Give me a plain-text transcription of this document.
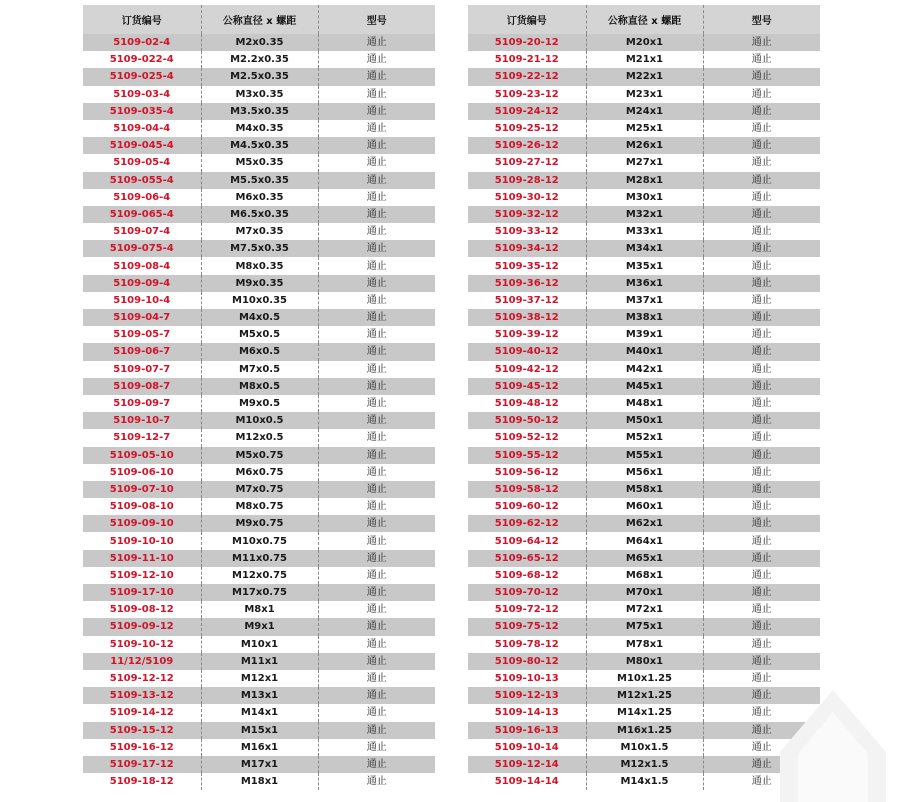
订货编号	公称直径 x 螺距	型号
5109-02-4	M2x0.35	通止
5109-022-4	M2.2x0.35	通止
5109-025-4	M2.5x0.35	通止
5109-03-4	M3x0.35	通止
5109-035-4	M3.5x0.35	通止
5109-04-4	M4x0.35	通止
5109-045-4	M4.5x0.35	通止
5109-05-4	M5x0.35	通止
5109-055-4	M5.5x0.35	通止
5109-06-4	M6x0.35	通止
5109-065-4	M6.5x0.35	通止
5109-07-4	M7x0.35	通止
5109-075-4	M7.5x0.35	通止
5109-08-4	M8x0.35	通止
5109-09-4	M9x0.35	通止
5109-10-4	M10x0.35	通止
5109-04-7	M4x0.5	通止
5109-05-7	M5x0.5	通止
5109-06-7	M6x0.5	通止
5109-07-7	M7x0.5	通止
5109-08-7	M8x0.5	通止
5109-09-7	M9x0.5	通止
5109-10-7	M10x0.5	通止
5109-12-7	M12x0.5	通止
5109-05-10	M5x0.75	通止
5109-06-10	M6x0.75	通止
5109-07-10	M7x0.75	通止
5109-08-10	M8x0.75	通止
5109-09-10	M9x0.75	通止
5109-10-10	M10x0.75	通止
5109-11-10	M11x0.75	通止
5109-12-10	M12x0.75	通止
5109-17-10	M17x0.75	通止
5109-08-12	M8x1	通止
5109-09-12	M9x1	通止
5109-10-12	M10x1	通止
11/12/5109	M11x1	通止
5109-12-12	M12x1	通止
5109-13-12	M13x1	通止
5109-14-12	M14x1	通止
5109-15-12	M15x1	通止
5109-16-12	M16x1	通止
5109-17-12	M17x1	通止
5109-18-12	M18x1	通止
订货编号	公称直径 x 螺距	型号
5109-20-12	M20x1	通止
5109-21-12	M21x1	通止
5109-22-12	M22x1	通止
5109-23-12	M23x1	通止
5109-24-12	M24x1	通止
5109-25-12	M25x1	通止
5109-26-12	M26x1	通止
5109-27-12	M27x1	通止
5109-28-12	M28x1	通止
5109-30-12	M30x1	通止
5109-32-12	M32x1	通止
5109-33-12	M33x1	通止
5109-34-12	M34x1	通止
5109-35-12	M35x1	通止
5109-36-12	M36x1	通止
5109-37-12	M37x1	通止
5109-38-12	M38x1	通止
5109-39-12	M39x1	通止
5109-40-12	M40x1	通止
5109-42-12	M42x1	通止
5109-45-12	M45x1	通止
5109-48-12	M48x1	通止
5109-50-12	M50x1	通止
5109-52-12	M52x1	通止
5109-55-12	M55x1	通止
5109-56-12	M56x1	通止
5109-58-12	M58x1	通止
5109-60-12	M60x1	通止
5109-62-12	M62x1	通止
5109-64-12	M64x1	通止
5109-65-12	M65x1	通止
5109-68-12	M68x1	通止
5109-70-12	M70x1	通止
5109-72-12	M72x1	通止
5109-75-12	M75x1	通止
5109-78-12	M78x1	通止
5109-80-12	M80x1	通止
5109-10-13	M10x1.25	通止
5109-12-13	M12x1.25	通止
5109-14-13	M14x1.25	通止
5109-16-13	M16x1.25	通止
5109-10-14	M10x1.5	通止
5109-12-14	M12x1.5	通止
5109-14-14	M14x1.5	通止
